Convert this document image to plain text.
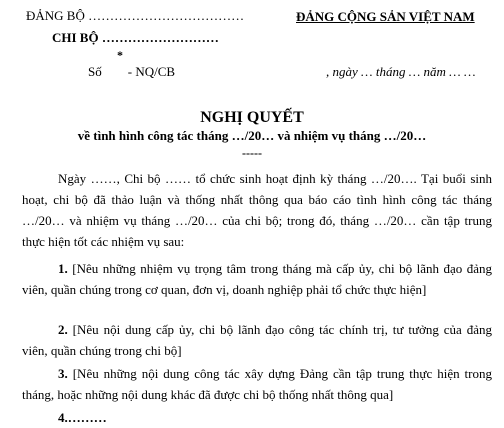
ĐẢNG BỘ ………………………………
CHI BỘ ………………………
*
Số - NQ/CB
ĐẢNG CỘNG SẢN VIỆT NAM
, ngày … tháng … năm … …
NGHỊ QUYẾT
về tình hình công tác tháng …/20… và nhiệm vụ tháng …/20…
-----
Ngày ……, Chi bộ …… tổ chức sinh hoạt định kỳ tháng …/20…. Tại buổi sinh hoạt, chi bộ đã thảo luận và thống nhất thông qua báo cáo tình hình công tác tháng …/20… và nhiệm vụ tháng …/20… của chi bộ; trong đó, tháng …/20… cần tập trung thực hiện tốt các nhiệm vụ sau:
1. [Nêu những nhiệm vụ trọng tâm trong tháng mà cấp ủy, chi bộ lãnh đạo đảng viên, quần chúng trong cơ quan, đơn vị, doanh nghiệp phải tổ chức thực hiện]
2. [Nêu nội dung cấp ủy, chi bộ lãnh đạo công tác chính trị, tư tưởng của đảng viên, quần chúng trong chi bộ]
3. [Nêu những nội dung công tác xây dựng Đảng cần tập trung thực hiện trong tháng, hoặc những nội dung khác đã được chi bộ thống nhất thông qua]
4.………
